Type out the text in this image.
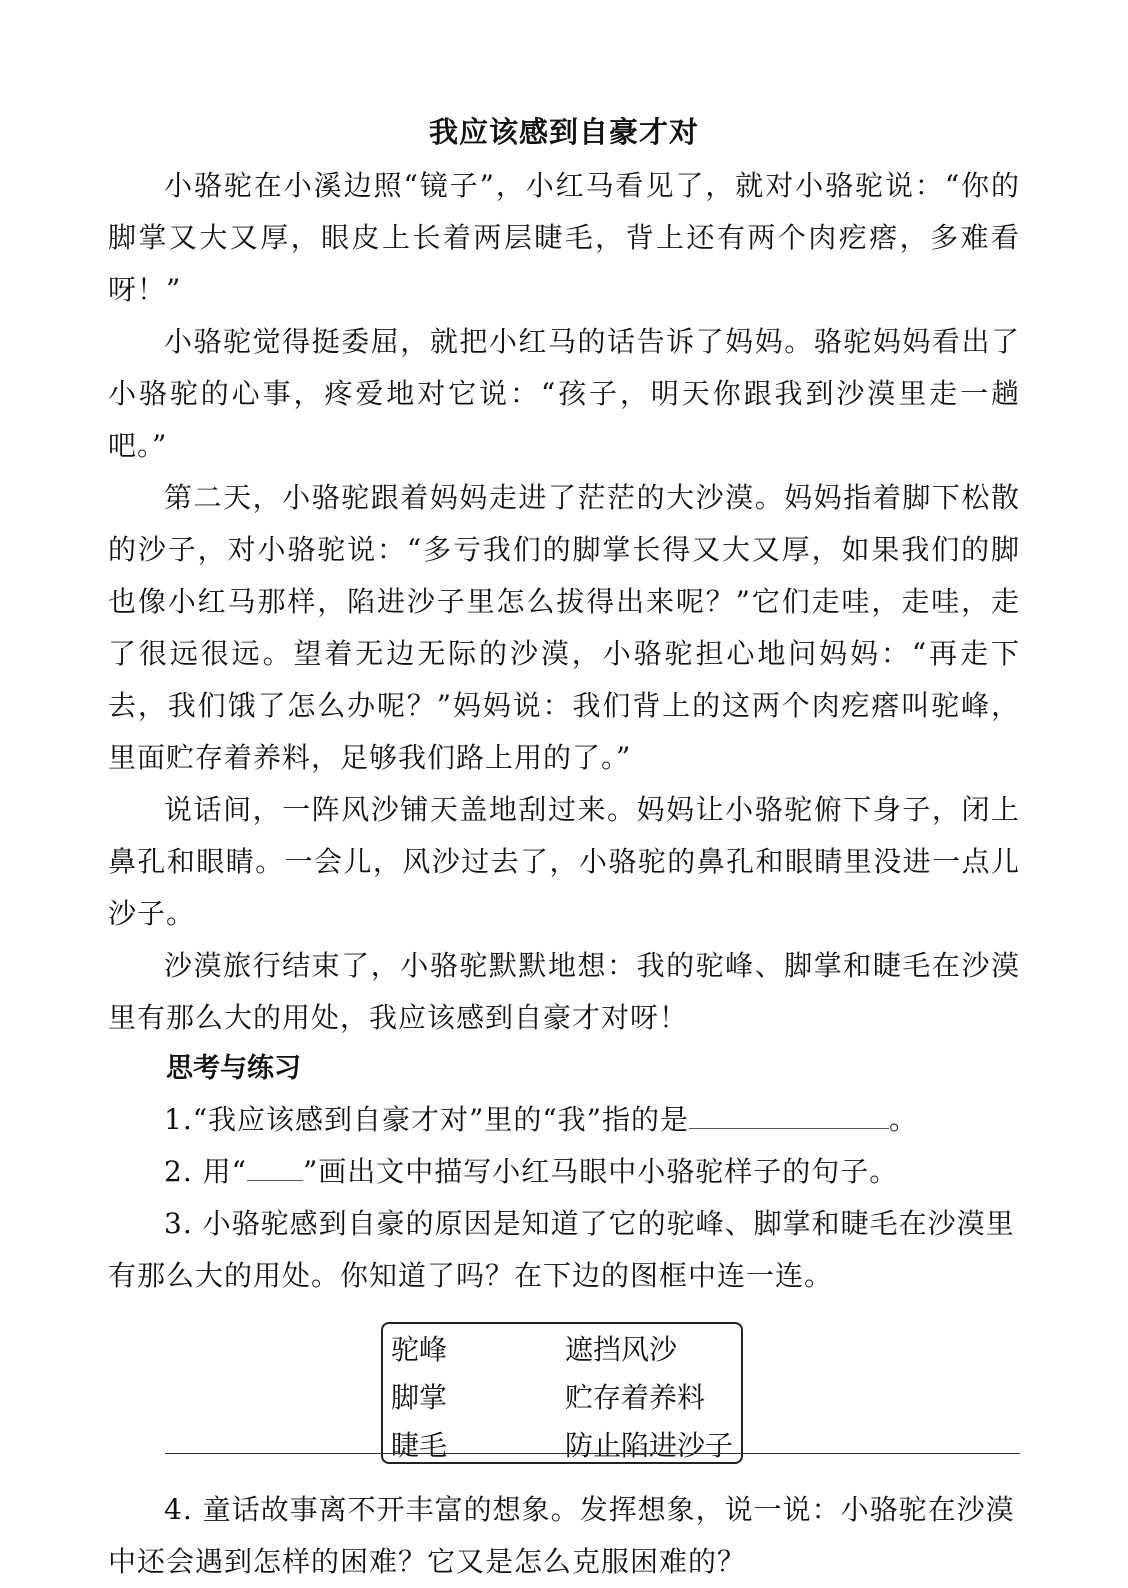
我应该感到自豪才对

小骆驼在小溪边照“镜子”，小红马看见了，就对小骆驼说：“你的脚掌又大又厚，眼皮上长着两层睫毛，背上还有两个肉疙瘩，多难看呀！”

小骆驼觉得挺委屈，就把小红马的话告诉了妈妈。骆驼妈妈看出了小骆驼的心事，疼爱地对它说：“孩子，明天你跟我到沙漠里走一趟吧。”

第二天，小骆驼跟着妈妈走进了茫茫的大沙漠。妈妈指着脚下松散的沙子，对小骆驼说：“多亏我们的脚掌长得又大又厚，如果我们的脚也像小红马那样，陷进沙子里怎么拔得出来呢？”它们走哇，走哇，走了很远很远。望着无边无际的沙漠，小骆驼担心地问妈妈：“再走下去，我们饿了怎么办呢？”妈妈说：我们背上的这两个肉疙瘩叫驼峰，里面贮存着养料，足够我们路上用的了。”

说话间，一阵风沙铺天盖地刮过来。妈妈让小骆驼俯下身子，闭上鼻孔和眼睛。一会儿，风沙过去了，小骆驼的鼻孔和眼睛里没进一点儿沙子。

沙漠旅行结束了，小骆驼默默地想：我的驼峰、脚掌和睫毛在沙漠里有那么大的用处，我应该感到自豪才对呀！

思考与练习

1.“我应该感到自豪才对”里的“我”指的是	。

2. 用“ ”画出文中描写小红马眼中小骆驼样子的句子。

3. 小骆驼感到自豪的原因是知道了它的驼峰、脚掌和睫毛在沙漠里有那么大的用处。你知道了吗？在下边的图框中连一连。

驼峰	遮挡风沙
脚掌	贮存着养料
睫毛	防止陷进沙子

4. 童话故事离不开丰富的想象。发挥想象，说一说：小骆驼在沙漠中还会遇到怎样的困难？它又是怎么克服困难的？
